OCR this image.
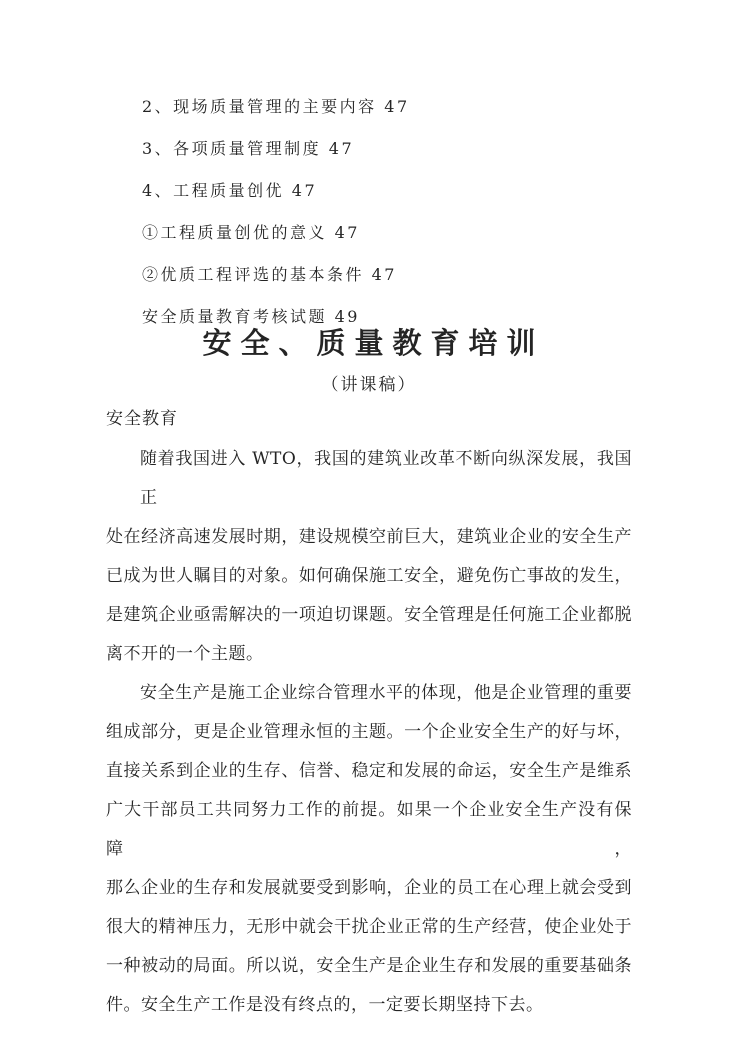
2、现场质量管理的主要内容 47
3、各项质量管理制度 47
4、工程质量创优 47
①工程质量创优的意义 47
②优质工程评选的基本条件 47
安全质量教育考核试题 49
安全、质量教育培训
（讲课稿）
安全教育
随着我国进入 WTO，我国的建筑业改革不断向纵深发展，我国正
处在经济高速发展时期，建设规模空前巨大，建筑业企业的安全生产
已成为世人瞩目的对象。如何确保施工安全，避免伤亡事故的发生，
是建筑企业亟需解决的一项迫切课题。安全管理是任何施工企业都脱
离不开的一个主题。
安全生产是施工企业综合管理水平的体现，他是企业管理的重要
组成部分，更是企业管理永恒的主题。一个企业安全生产的好与坏，
直接关系到企业的生存、信誉、稳定和发展的命运，安全生产是维系
广大干部员工共同努力工作的前提。如果一个企业安全生产没有保障，
那么企业的生存和发展就要受到影响，企业的员工在心理上就会受到
很大的精神压力，无形中就会干扰企业正常的生产经营，使企业处于
一种被动的局面。所以说，安全生产是企业生存和发展的重要基础条
件。安全生产工作是没有终点的，一定要长期坚持下去。
